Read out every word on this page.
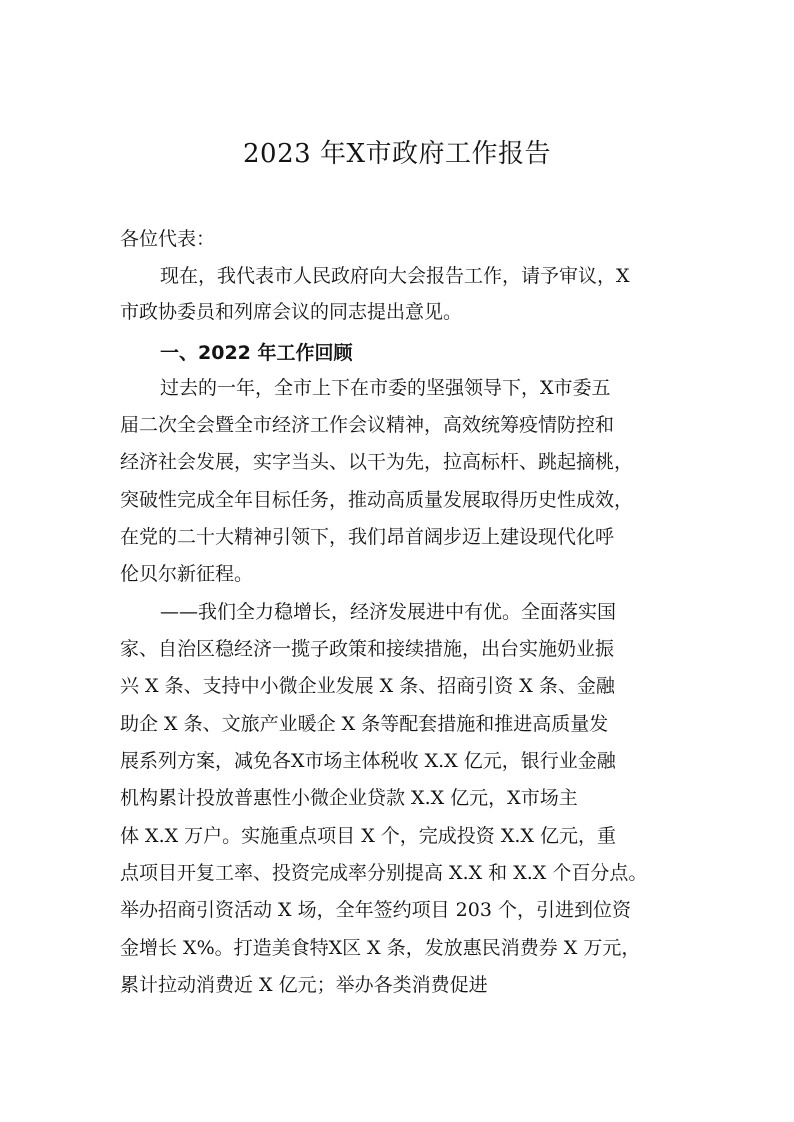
2023 年X市政府工作报告
各位代表：
现在，我代表市人民政府向大会报告工作，请予审议，X
市政协委员和列席会议的同志提出意见。
一、2022 年工作回顾
过去的一年，全市上下在市委的坚强领导下，X市委五
届二次全会暨全市经济工作会议精神，高效统筹疫情防控和
经济社会发展，实字当头、以干为先，拉高标杆、跳起摘桃，
突破性完成全年目标任务，推动高质量发展取得历史性成效，
在党的二十大精神引领下，我们昂首阔步迈上建设现代化呼
伦贝尔新征程。
——我们全力稳增长，经济发展进中有优。全面落实国
家、自治区稳经济一揽子政策和接续措施，出台实施奶业振
兴 X 条、支持中小微企业发展 X 条、招商引资 X 条、金融
助企 X 条、文旅产业暖企 X 条等配套措施和推进高质量发
展系列方案，减免各X市场主体税收 X.X 亿元，银行业金融
机构累计投放普惠性小微企业贷款 X.X 亿元，X市场主
体 X.X 万户。实施重点项目 X 个，完成投资 X.X 亿元，重
点项目开复工率、投资完成率分别提高 X.X 和 X.X 个百分点。
举办招商引资活动 X 场，全年签约项目 203 个，引进到位资
金增长 X%。打造美食特X区 X 条，发放惠民消费券 X 万元，
累计拉动消费近 X 亿元；举办各类消费促进
